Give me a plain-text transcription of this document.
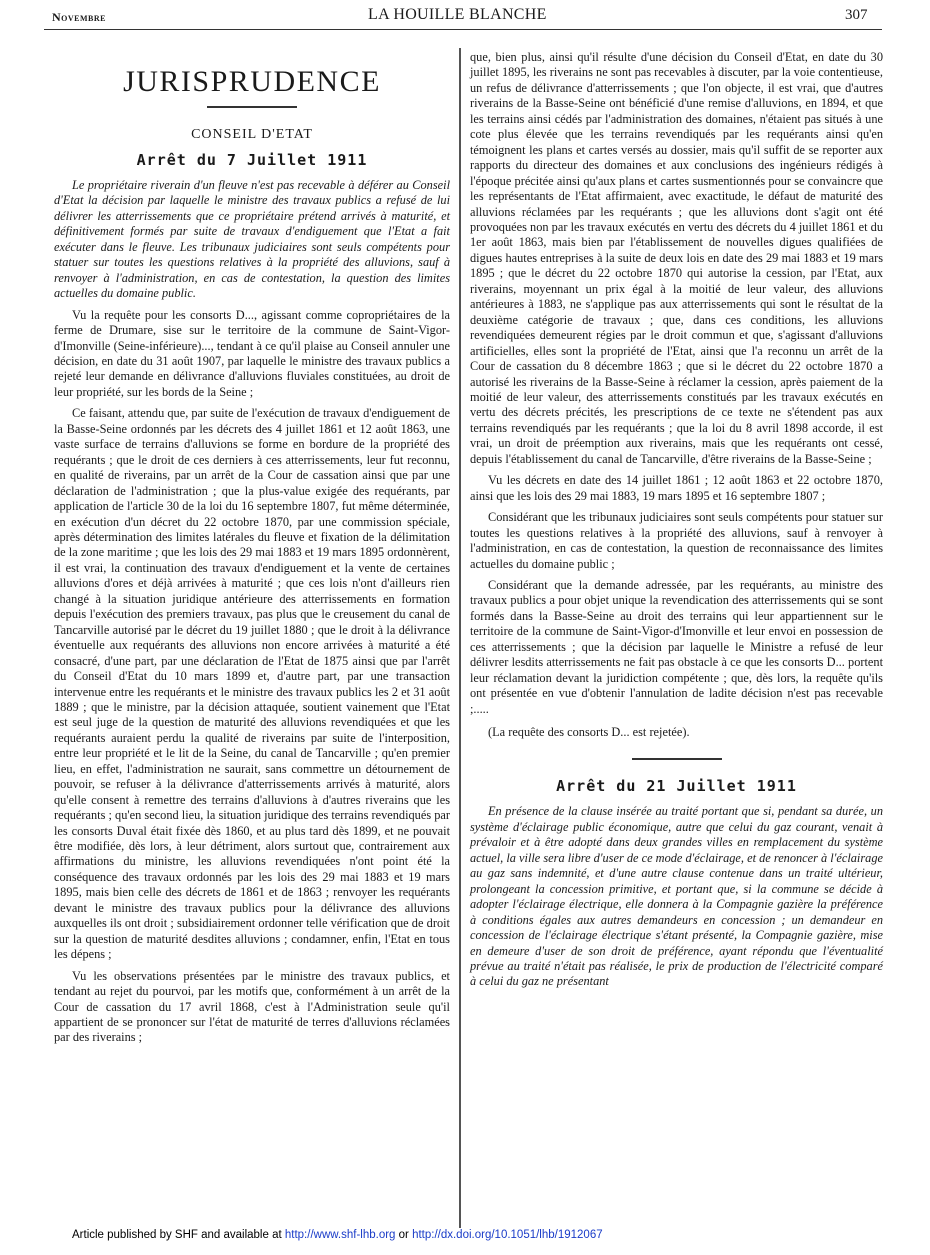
Novembre	LA HOUILLE BLANCHE	307
JURISPRUDENCE
CONSEIL D'ETAT
Arrêt du 7 Juillet 1911

Le propriétaire riverain d'un fleuve n'est pas recevable à déférer au Conseil d'Etat la décision par laquelle le ministre des travaux publics a refusé de lui délivrer les atterrissements que ce propriétaire prétend arrivés à maturité, et définitivement formés par suite de travaux d'endiguement que l'Etat a fait exécuter dans le fleuve. Les tribunaux judiciaires sont seuls compétents pour statuer sur toutes les questions relatives à la propriété des alluvions, sauf à renvoyer à l'administration, en cas de contestation, la question des limites actuelles du domaine public.

Vu la requête pour les consorts D..., agissant comme copropriétaires de la ferme de Drumare, sise sur le territoire de la commune de Saint-Vigor-d'Imonville (Seine-inférieure)..., tendant à ce qu'il plaise au Conseil annuler une décision, en date du 31 août 1907, par laquelle le ministre des travaux publics a rejeté leur demande en délivrance d'alluvions fluviales constituées, au droit de leur propriété, sur les bords de la Seine ;

Ce faisant, attendu que, par suite de l'exécution de travaux d'endiguement de la Basse-Seine ordonnés par les décrets des 4 juillet 1861 et 12 août 1863, une vaste surface de terrains d'alluvions se forme en bordure de la propriété des requérants ; que le droit de ces derniers à ces atterrissements, leur fut reconnu, en qualité de riverains, par un arrêt de la Cour de cassation ainsi que par une déclaration de l'administration ; que la plus-value exigée des requérants, par application de l'article 30 de la loi du 16 septembre 1807, fut même déterminée, en exécution d'un décret du 22 octobre 1870, par une commission spéciale, après détermination des limites latérales du fleuve et fixation de la délimitation de la zone maritime ; que les lois des 29 mai 1883 et 19 mars 1895 ordonnèrent, il est vrai, la continuation des travaux d'endiguement et la vente de certaines alluvions d'ores et déjà arrivées à maturité ; que ces lois n'ont d'ailleurs rien changé à la situation juridique antérieure des atterrissements en formation depuis l'exécution des premiers travaux, pas plus que le creusement du canal de Tancarville autorisé par le décret du 19 juillet 1880 ; que le droit à la délivrance éventuelle aux requérants des alluvions non encore arrivées à maturité a été consacré, d'une part, par une déclaration de l'Etat de 1875 ainsi que par l'arrêt du Conseil d'Etat du 10 mars 1899 et, d'autre part, par une transaction intervenue entre les requérants et le ministre des travaux publics les 2 et 31 août 1889 ; que le ministre, par la décision attaquée, soutient vainement que l'Etat est seul juge de la question de maturité des alluvions revendiquées et que les requérants auraient perdu la qualité de riverains par suite de l'interposition, entre leur propriété et le lit de la Seine, du canal de Tancarville ; qu'en premier lieu, en effet, l'administration ne saurait, sans commettre un détournement de pouvoir, se refuser à la délivrance d'atterrissements arrivés à maturité, alors qu'elle consent à remettre des terrains d'alluvions à d'autres riverains que les requérants ; qu'en second lieu, la situation juridique des terrains revendiqués par les consorts Duval était fixée dès 1860, et au plus tard dès 1899, et ne pouvait être modifiée, dès lors, à leur détriment, alors surtout que, contrairement aux affirmations du ministre, les alluvions revendiquées n'ont point été la conséquence des travaux ordonnés par les lois des 29 mai 1883 et 19 mars 1895, mais bien celle des décrets de 1861 et de 1863 ; renvoyer les requérants devant le ministre des travaux publics pour la délivrance des alluvions auxquelles ils ont droit ; subsidiairement ordonner telle vérification que de droit sur la question de maturité desdites alluvions ; condamner, enfin, l'Etat en tous les dépens ;

Vu les observations présentées par le ministre des travaux publics, et tendant au rejet du pourvoi, par les motifs que, conformément à un arrêt de la Cour de cassation du 17 avril 1868, c'est à l'Administration seule qu'il appartient de se prononcer sur l'état de maturité de terres d'alluvions réclamées par des riverains ;

que, bien plus, ainsi qu'il résulte d'une décision du Conseil d'Etat, en date du 30 juillet 1895, les riverains ne sont pas recevables à discuter, par la voie contentieuse, un refus de délivrance d'atterrissements ; que l'on objecte, il est vrai, que d'autres riverains de la Basse-Seine ont bénéficié d'une remise d'alluvions, en 1894, et que les terrains ainsi cédés par l'administration des domaines, n'étaient pas situés à une cote plus élevée que les terrains revendiqués par les requérants ainsi qu'en témoignent les plans et cartes versés au dossier, mais qu'il suffit de se reporter aux rapports du directeur des domaines et aux conclusions des ingénieurs rédigés à l'époque précitée ainsi qu'aux plans et cartes susmentionnés pour se convaincre que les représentants de l'Etat affirmaient, avec exactitude, le défaut de maturité des alluvions réclamées par les requérants ; que les alluvions dont s'agit ont été provoquées non par les travaux exécutés en vertu des décrets du 4 juillet 1861 et du 1er août 1863, mais bien par l'établissement de nouvelles digues qualifiées de digues hautes entreprises à la suite de deux lois en date des 29 mai 1883 et 19 mars 1895 ; que le décret du 22 octobre 1870 qui autorise la cession, par l'Etat, aux riverains, moyennant un prix égal à la moitié de leur valeur, des alluvions antérieures à 1883, ne s'applique pas aux atterrissements qui sont le résultat de la deuxième catégorie de travaux ; que, dans ces conditions, les alluvions revendiquées demeurent régies par le droit commun et que, s'agissant d'alluvions artificielles, elles sont la propriété de l'Etat, ainsi que l'a reconnu un arrêt de la Cour de cassation du 8 décembre 1863 ; que si le décret du 22 octobre 1870 a autorisé les riverains de la Basse-Seine à réclamer la cession, après paiement de la moitié de leur valeur, des atterrissements constitués par les travaux exécutés en vertu des décrets précités, les prescriptions de ce texte ne s'étendent pas aux terrains revendiqués par les requérants ; que la loi du 8 avril 1898 accorde, il est vrai, un droit de préemption aux riverains, mais que les requérants ont cessé, depuis l'établissement du canal de Tancarville, d'être riverains de la Basse-Seine ;

Vu les décrets en date des 14 juillet 1861 ; 12 août 1863 et 22 octobre 1870, ainsi que les lois des 29 mai 1883, 19 mars 1895 et 16 septembre 1807 ;

Considérant que les tribunaux judiciaires sont seuls compétents pour statuer sur toutes les questions relatives à la propriété des alluvions, sauf à renvoyer à l'administration, en cas de contestation, la question de reconnaissance des limites actuelles du domaine public ;

Considérant que la demande adressée, par les requérants, au ministre des travaux publics a pour objet unique la revendication des atterrissements qui se sont formés dans la Basse-Seine au droit des terrains qui leur appartiennent sur le territoire de la commune de Saint-Vigor-d'Imonville et leur envoi en possession de ces atterrissements ; que la décision par laquelle le Ministre a refusé de leur délivrer lesdits atterrissements ne fait pas obstacle à ce que les consorts D... portent leur réclamation devant la juridiction compétente ; que, dès lors, la requête qu'ils ont présentée en vue d'obtenir l'annulation de ladite décision n'est pas recevable ;.....

(La requête des consorts D... est rejetée).

Arrêt du 21 Juillet 1911

En présence de la clause insérée au traité portant que si, pendant sa durée, un système d'éclairage public économique, autre que celui du gaz courant, venait à prévaloir et à être adopté dans deux grandes villes en remplacement du système actuel, la ville sera libre d'user de ce mode d'éclairage, et de renoncer à l'éclairage au gaz sans indemnité, et d'une autre clause contenue dans un traité ultérieur, prolongeant la concession primitive, et portant que, si la commune se décide à adopter l'éclairage électrique, elle donnera à la Compagnie gazière la préférence à conditions égales aux autres demandeurs en concession ; un demandeur en concession de l'éclairage électrique s'étant présenté, la Compagnie gazière, mise en demeure d'user de son droit de préférence, ayant répondu que l'éventualité prévue au traité n'était pas réalisée, le prix de production de l'électricité comparé à celui du gaz ne présentant

Article published by SHF and available at http://www.shf-lhb.org or http://dx.doi.org/10.1051/lhb/1912067
